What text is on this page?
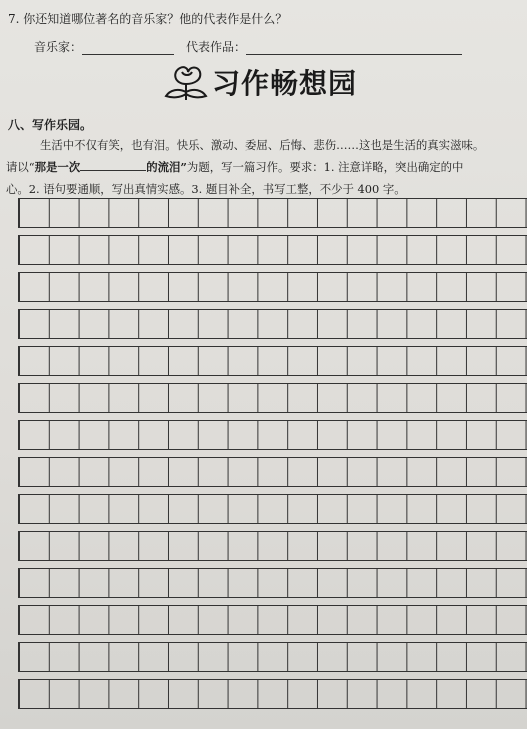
7. 你还知道哪位著名的音乐家？他的代表作是什么？
音乐家：	代表作品：
习作畅想园
八、写作乐园。
生活中不仅有笑，也有泪。快乐、激动、委屈、后悔、悲伤……这也是生活的真实滋味。
请以“那是一次	的流泪”为题，写一篇习作。要求：1. 注意详略，突出确定的中
心。2. 语句要通顺，写出真情实感。3. 题目补全，书写工整，不少于 400 字。
